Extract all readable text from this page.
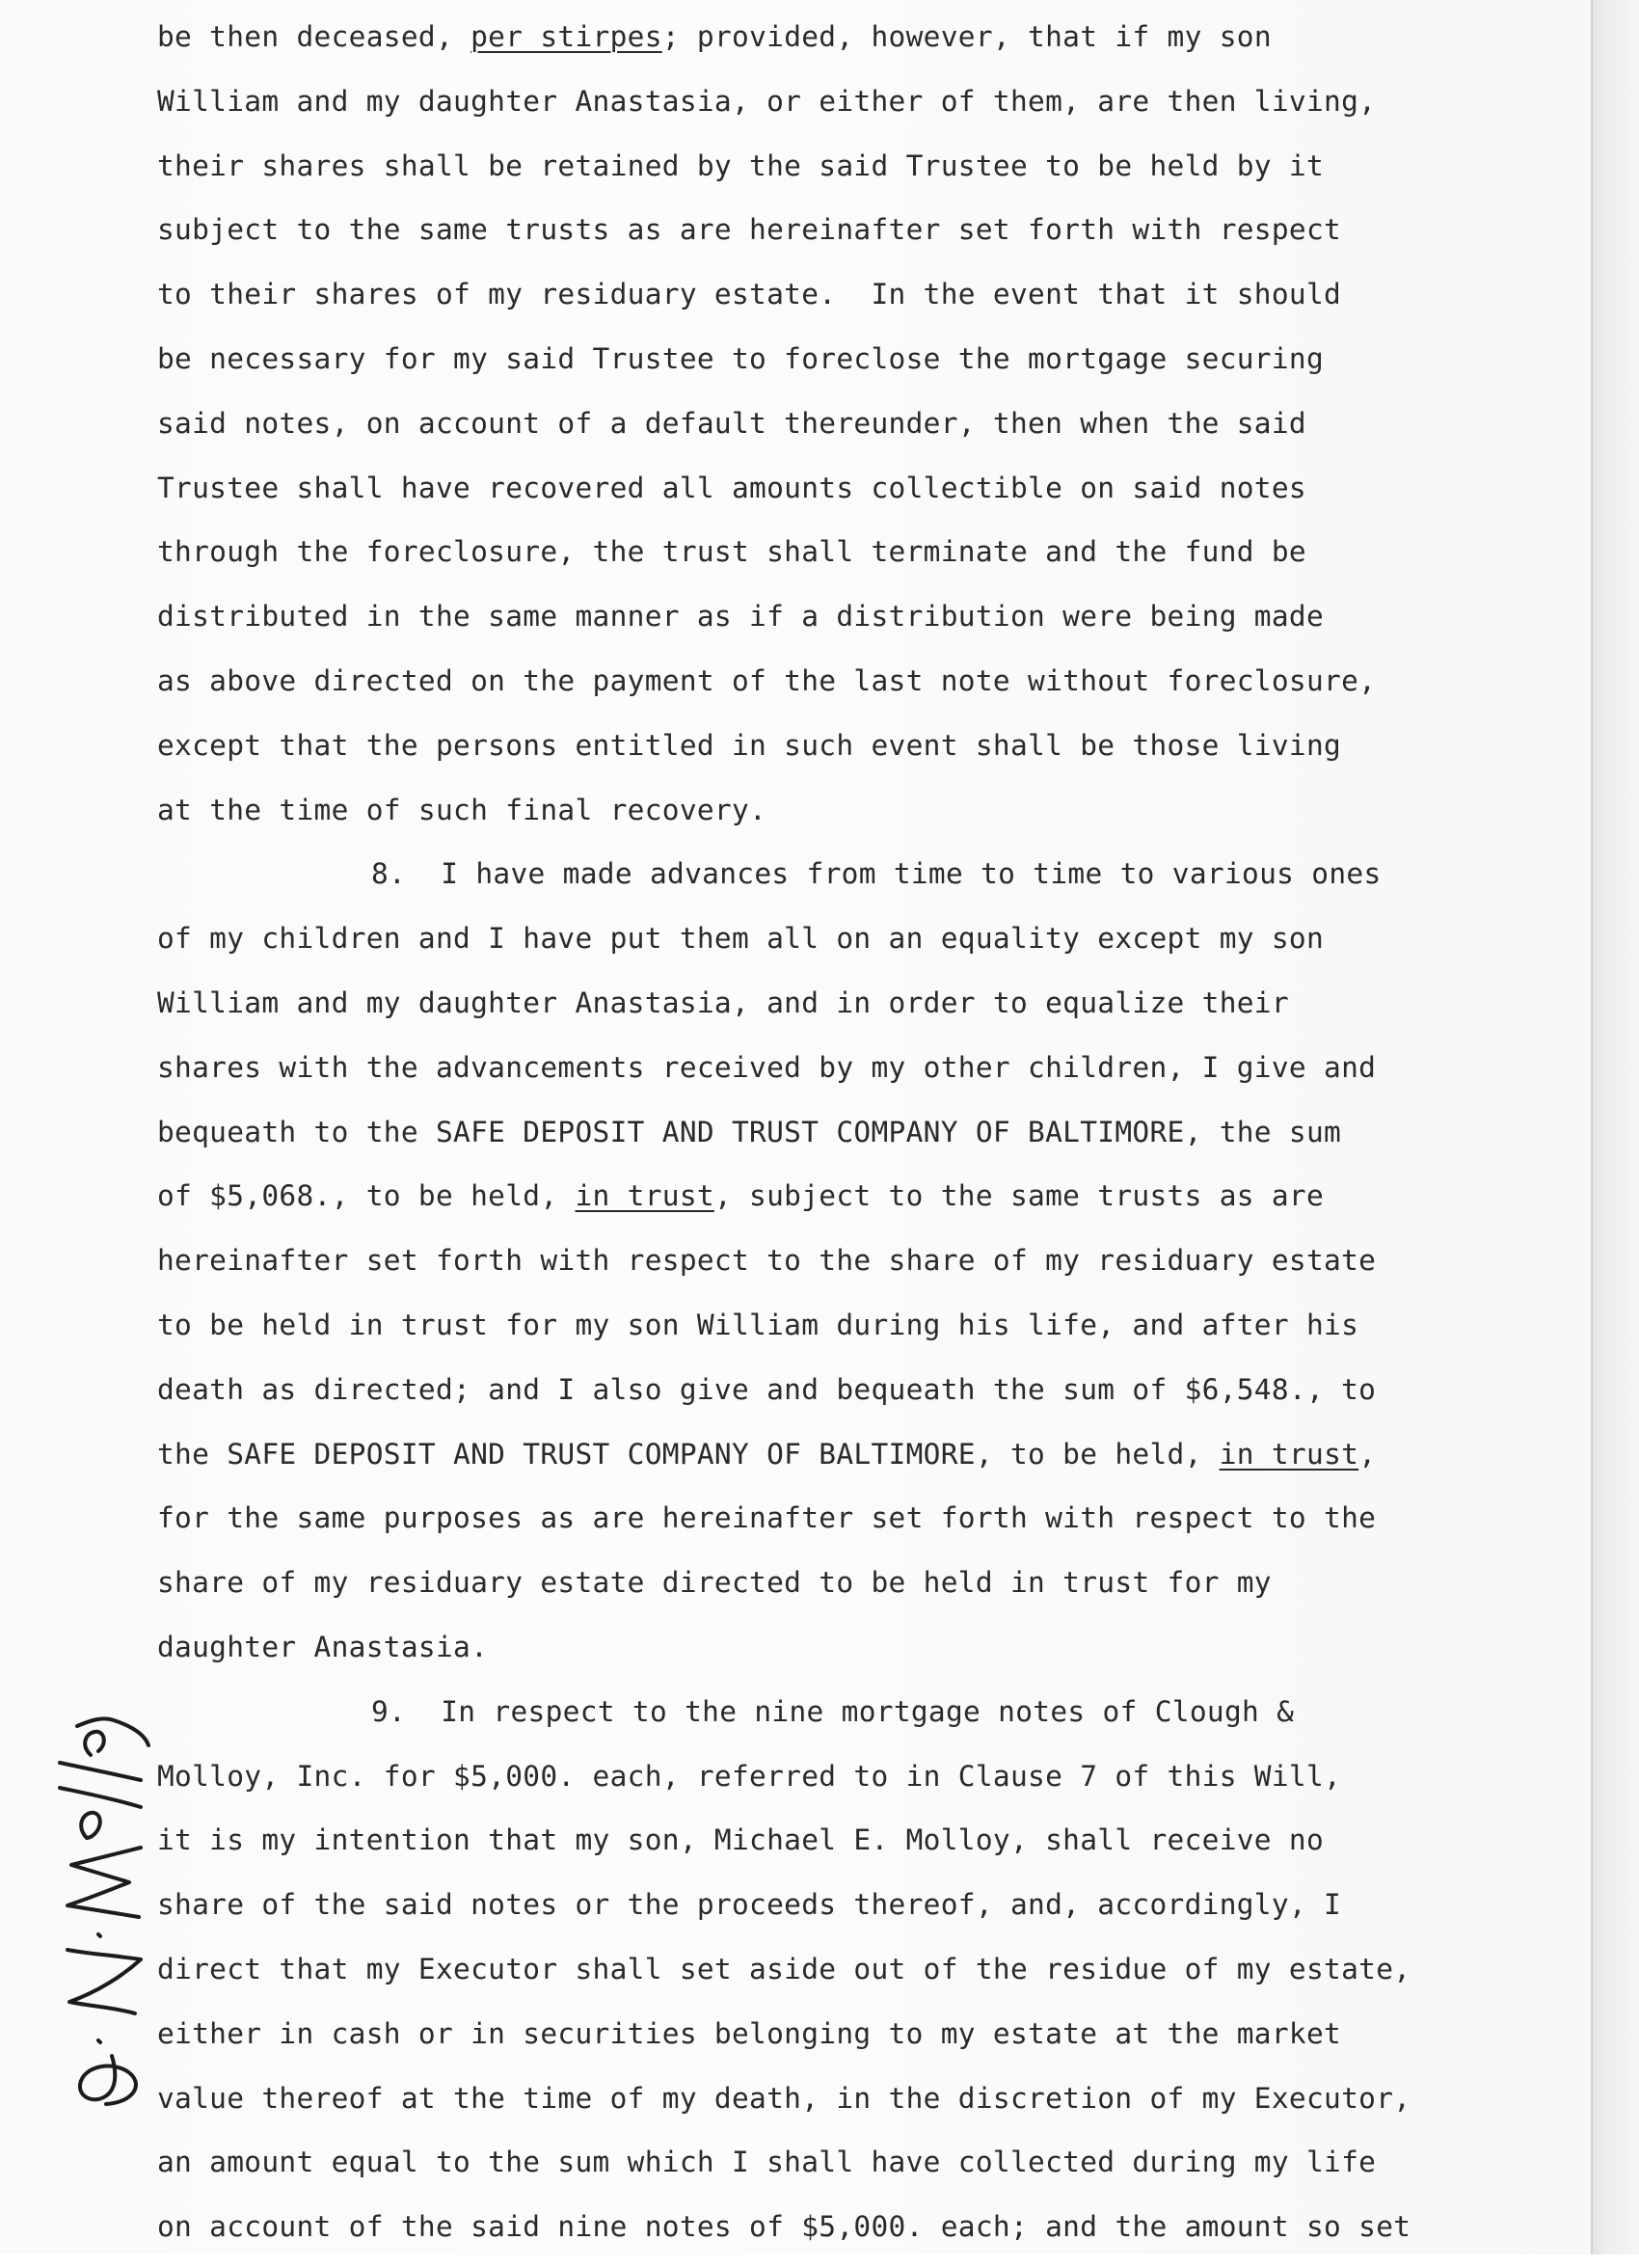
be then deceased, per stirpes; provided, however, that if my son
William and my daughter Anastasia, or either of them, are then living,
their shares shall be retained by the said Trustee to be held by it
subject to the same trusts as are hereinafter set forth with respect
to their shares of my residuary estate.  In the event that it should
be necessary for my said Trustee to foreclose the mortgage securing
said notes, on account of a default thereunder, then when the said
Trustee shall have recovered all amounts collectible on said notes
through the foreclosure, the trust shall terminate and the fund be
distributed in the same manner as if a distribution were being made
as above directed on the payment of the last note without foreclosure,
except that the persons entitled in such event shall be those living
at the time of such final recovery.
8.  I have made advances from time to time to various ones
of my children and I have put them all on an equality except my son
William and my daughter Anastasia, and in order to equalize their
shares with the advancements received by my other children, I give and
bequeath to the SAFE DEPOSIT AND TRUST COMPANY OF BALTIMORE, the sum
of $5,068., to be held, in trust, subject to the same trusts as are
hereinafter set forth with respect to the share of my residuary estate
to be held in trust for my son William during his life, and after his
death as directed; and I also give and bequeath the sum of $6,548., to
the SAFE DEPOSIT AND TRUST COMPANY OF BALTIMORE, to be held, in trust,
for the same purposes as are hereinafter set forth with respect to the
share of my residuary estate directed to be held in trust for my
daughter Anastasia.
9.  In respect to the nine mortgage notes of Clough &
Molloy, Inc. for $5,000. each, referred to in Clause 7 of this Will,
it is my intention that my son, Michael E. Molloy, shall receive no
share of the said notes or the proceeds thereof, and, accordingly, I
direct that my Executor shall set aside out of the residue of my estate,
either in cash or in securities belonging to my estate at the market
value thereof at the time of my death, in the discretion of my Executor,
an amount equal to the sum which I shall have collected during my life
on account of the said nine notes of $5,000. each; and the amount so set
